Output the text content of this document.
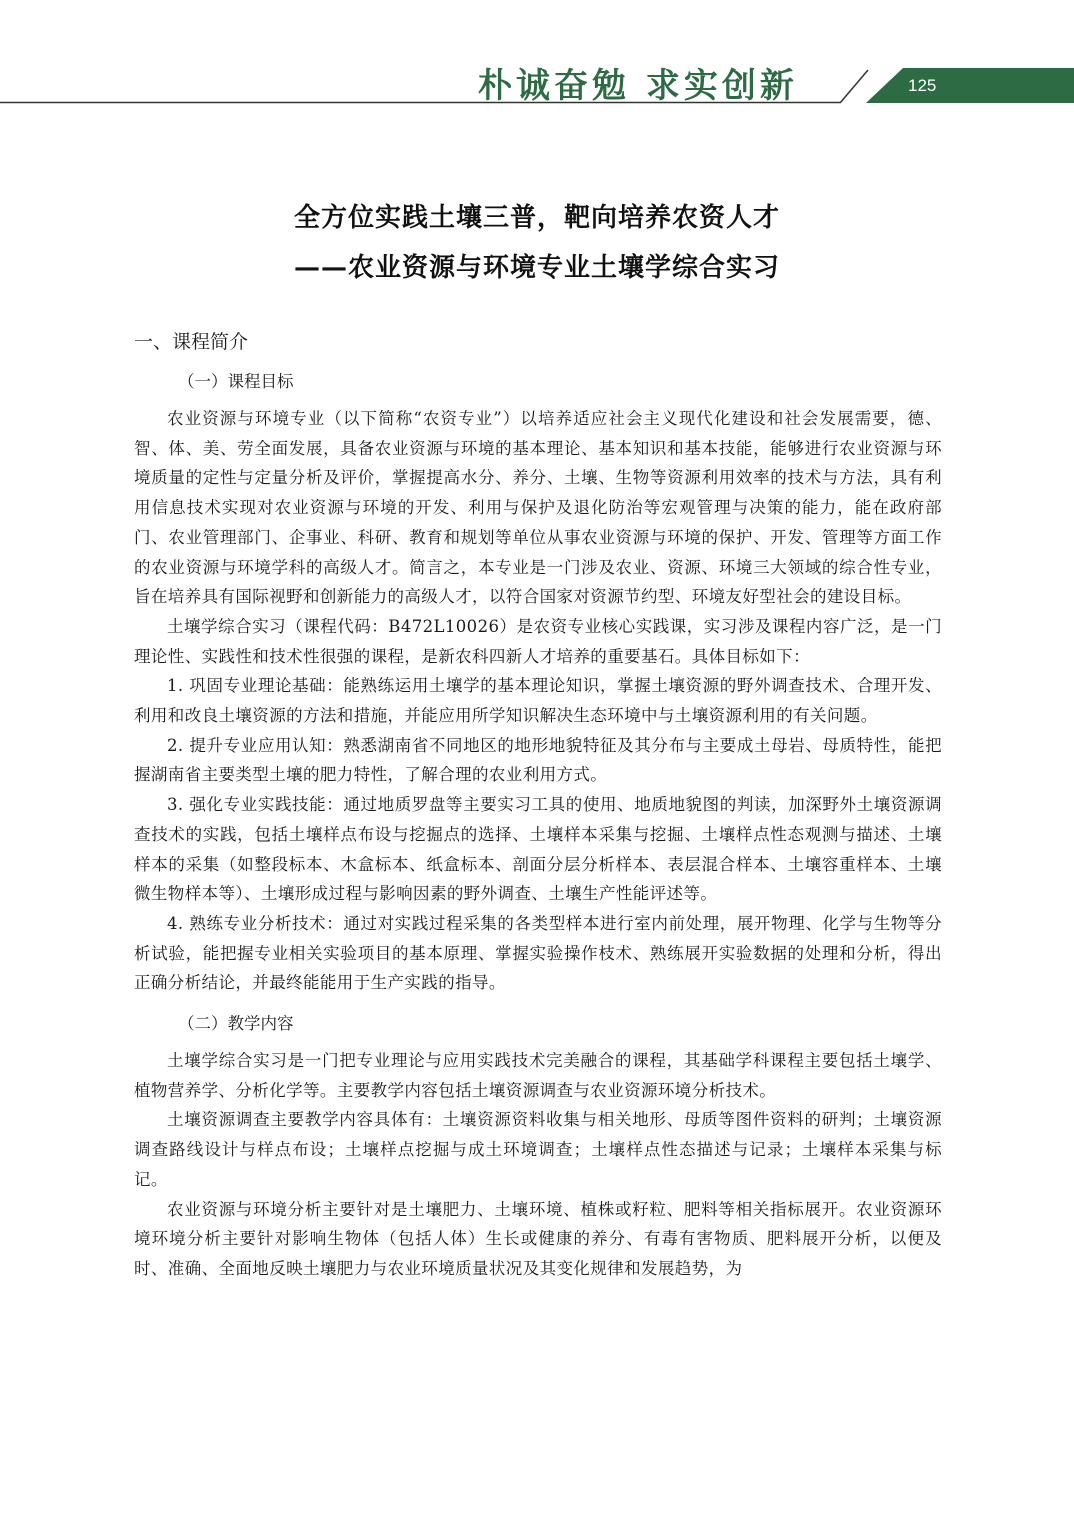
朴诚奋勉 求实创新	125
全方位实践土壤三普，靶向培养农资人才
——农业资源与环境专业土壤学综合实习
一、课程简介
（一）课程目标

农业资源与环境专业（以下简称“农资专业”）以培养适应社会主义现代化建设和社会发展需要，德、智、体、美、劳全面发展，具备农业资源与环境的基本理论、基本知识和基本技能，能够进行农业资源与环境质量的定性与定量分析及评价，掌握提高水分、养分、土壤、生物等资源利用效率的技术与方法，具有利用信息技术实现对农业资源与环境的开发、利用与保护及退化防治等宏观管理与决策的能力，能在政府部门、农业管理部门、企事业、科研、教育和规划等单位从事农业资源与环境的保护、开发、管理等方面工作的农业资源与环境学科的高级人才。简言之，本专业是一门涉及农业、资源、环境三大领域的综合性专业，旨在培养具有国际视野和创新能力的高级人才，以符合国家对资源节约型、环境友好型社会的建设目标。

土壤学综合实习（课程代码：B472L10026）是农资专业核心实践课，实习涉及课程内容广泛，是一门理论性、实践性和技术性很强的课程，是新农科四新人才培养的重要基石。具体目标如下：

1. 巩固专业理论基础：能熟练运用土壤学的基本理论知识，掌握土壤资源的野外调查技术、合理开发、利用和改良土壤资源的方法和措施，并能应用所学知识解决生态环境中与土壤资源利用的有关问题。

2. 提升专业应用认知：熟悉湖南省不同地区的地形地貌特征及其分布与主要成土母岩、母质特性，能把握湖南省主要类型土壤的肥力特性，了解合理的农业利用方式。

3. 强化专业实践技能：通过地质罗盘等主要实习工具的使用、地质地貌图的判读，加深野外土壤资源调查技术的实践，包括土壤样点布设与挖掘点的选择、土壤样本采集与挖掘、土壤样点性态观测与描述、土壤样本的采集（如整段标本、木盒标本、纸盒标本、剖面分层分析样本、表层混合样本、土壤容重样本、土壤微生物样本等）、土壤形成过程与影响因素的野外调查、土壤生产性能评述等。

4. 熟练专业分析技术：通过对实践过程采集的各类型样本进行室内前处理，展开物理、化学与生物等分析试验，能把握专业相关实验项目的基本原理、掌握实验操作枝术、熟练展开实验数据的处理和分析，得出正确分析结论，并最终能能用于生产实践的指导。

（二）教学内容

土壤学综合实习是一门把专业理论与应用实践技术完美融合的课程，其基础学科课程主要包括土壤学、植物营养学、分析化学等。主要教学内容包括土壤资源调查与农业资源环境分析技术。

土壤资源调查主要教学内容具体有：土壤资源资料收集与相关地形、母质等图件资料的研判；土壤资源调查路线设计与样点布设；土壤样点挖掘与成土环境调查；土壤样点性态描述与记录；土壤样本采集与标记。

农业资源与环境分析主要针对是土壤肥力、土壤环境、植株或籽粒、肥料等相关指标展开。农业资源环境环境分析主要针对影响生物体（包括人体）生长或健康的养分、有毒有害物质、肥料展开分析，以便及时、准确、全面地反映土壤肥力与农业环境质量状况及其变化规律和发展趋势，为
